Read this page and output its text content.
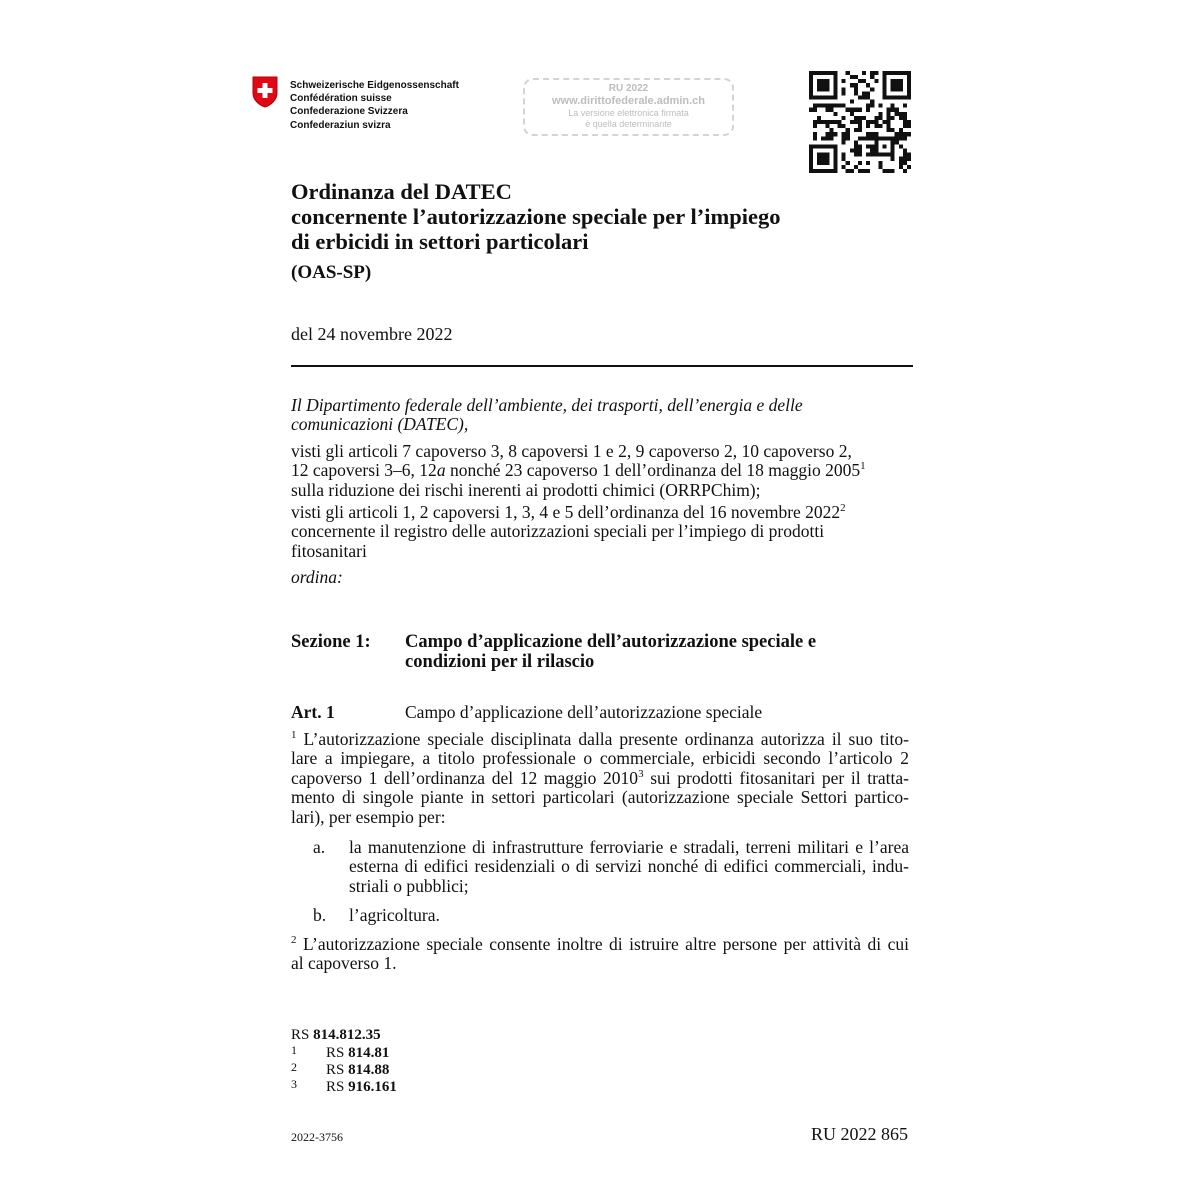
Schweizerische Eidgenossenschaft
Confédération suisse
Confederazione Svizzera
Confederaziun svizra
RU 2022
www.dirittofederale.admin.ch
La versione elettronica firmata
è quella determinante
Ordinanza del DATEC
concernente l’autorizzazione speciale per l’impiego
di erbicidi in settori particolari
(OAS-SP)
del 24 novembre 2022
Il Dipartimento federale dell’ambiente, dei trasporti, dell’energia e delle
comunicazioni (DATEC),
visti gli articoli 7 capoverso 3, 8 capoversi 1 e 2, 9 capoverso 2, 10 capoverso 2,
12 capoversi 3–6, 12a nonché 23 capoverso 1 dell’ordinanza del 18 maggio 2005$^1$
sulla riduzione dei rischi inerenti ai prodotti chimici (ORRPChim);
visti gli articoli 1, 2 capoversi 1, 3, 4 e 5 dell’ordinanza del 16 novembre 2022$^2$
concernente il registro delle autorizzazioni speciali per l’impiego di prodotti
fitosanitari
ordina:
Sezione 1: Campo d’applicazione dell’autorizzazione speciale e
condizioni per il rilascio
Art. 1	Campo d’applicazione dell’autorizzazione speciale
$^1$ L’autorizzazione speciale disciplinata dalla presente ordinanza autorizza il suo tito-
lare a impiegare, a titolo professionale o commerciale, erbicidi secondo l’articolo 2
capoverso 1 dell’ordinanza del 12 maggio 2010$^3$ sui prodotti fitosanitari per il tratta-
mento di singole piante in settori particolari (autorizzazione speciale Settori partico-
lari), per esempio per:
a. la manutenzione di infrastrutture ferroviarie e stradali, terreni militari e l’area
esterna di edifici residenziali o di servizi nonché di edifici commerciali, indu-
striali o pubblici;
b. l’agricoltura.
$^2$ L’autorizzazione speciale consente inoltre di istruire altre persone per attività di cui
al capoverso 1.
RS 814.812.35
1 RS 814.81
2 RS 814.88
3 RS 916.161
2022-3756	RU 2022 865
